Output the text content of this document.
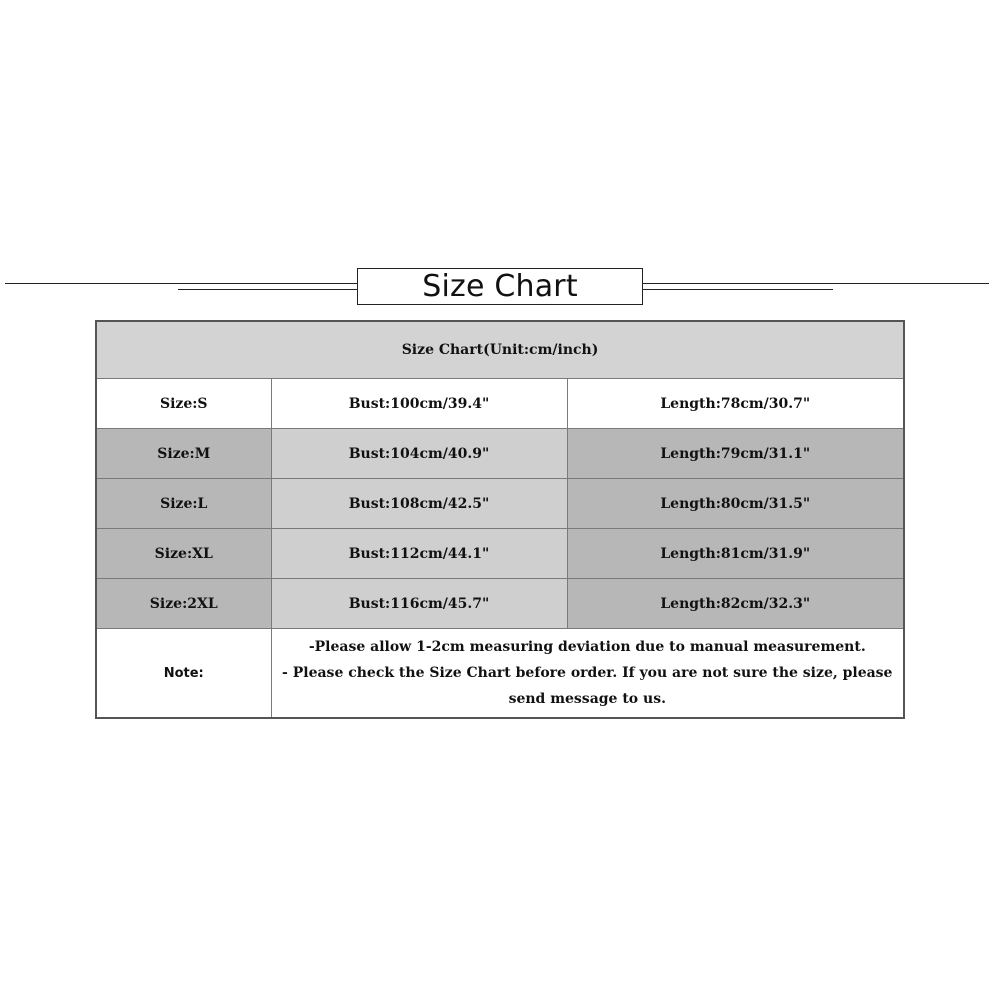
Size Chart
Size Chart(Unit:cm/inch)		
Size:S	Bust:100cm/39.4"	Length:78cm/30.7"
Size:M	Bust:104cm/40.9"	Length:79cm/31.1"
Size:L	Bust:108cm/42.5"	Length:80cm/31.5"
Size:XL	Bust:112cm/44.1"	Length:81cm/31.9"
Size:2XL	Bust:116cm/45.7"	Length:82cm/32.3"
Note:	-Please allow 1-2cm measuring deviation due to manual measurement.

- Please check the Size Chart before order. If you are not sure the size, please send message to us.	
